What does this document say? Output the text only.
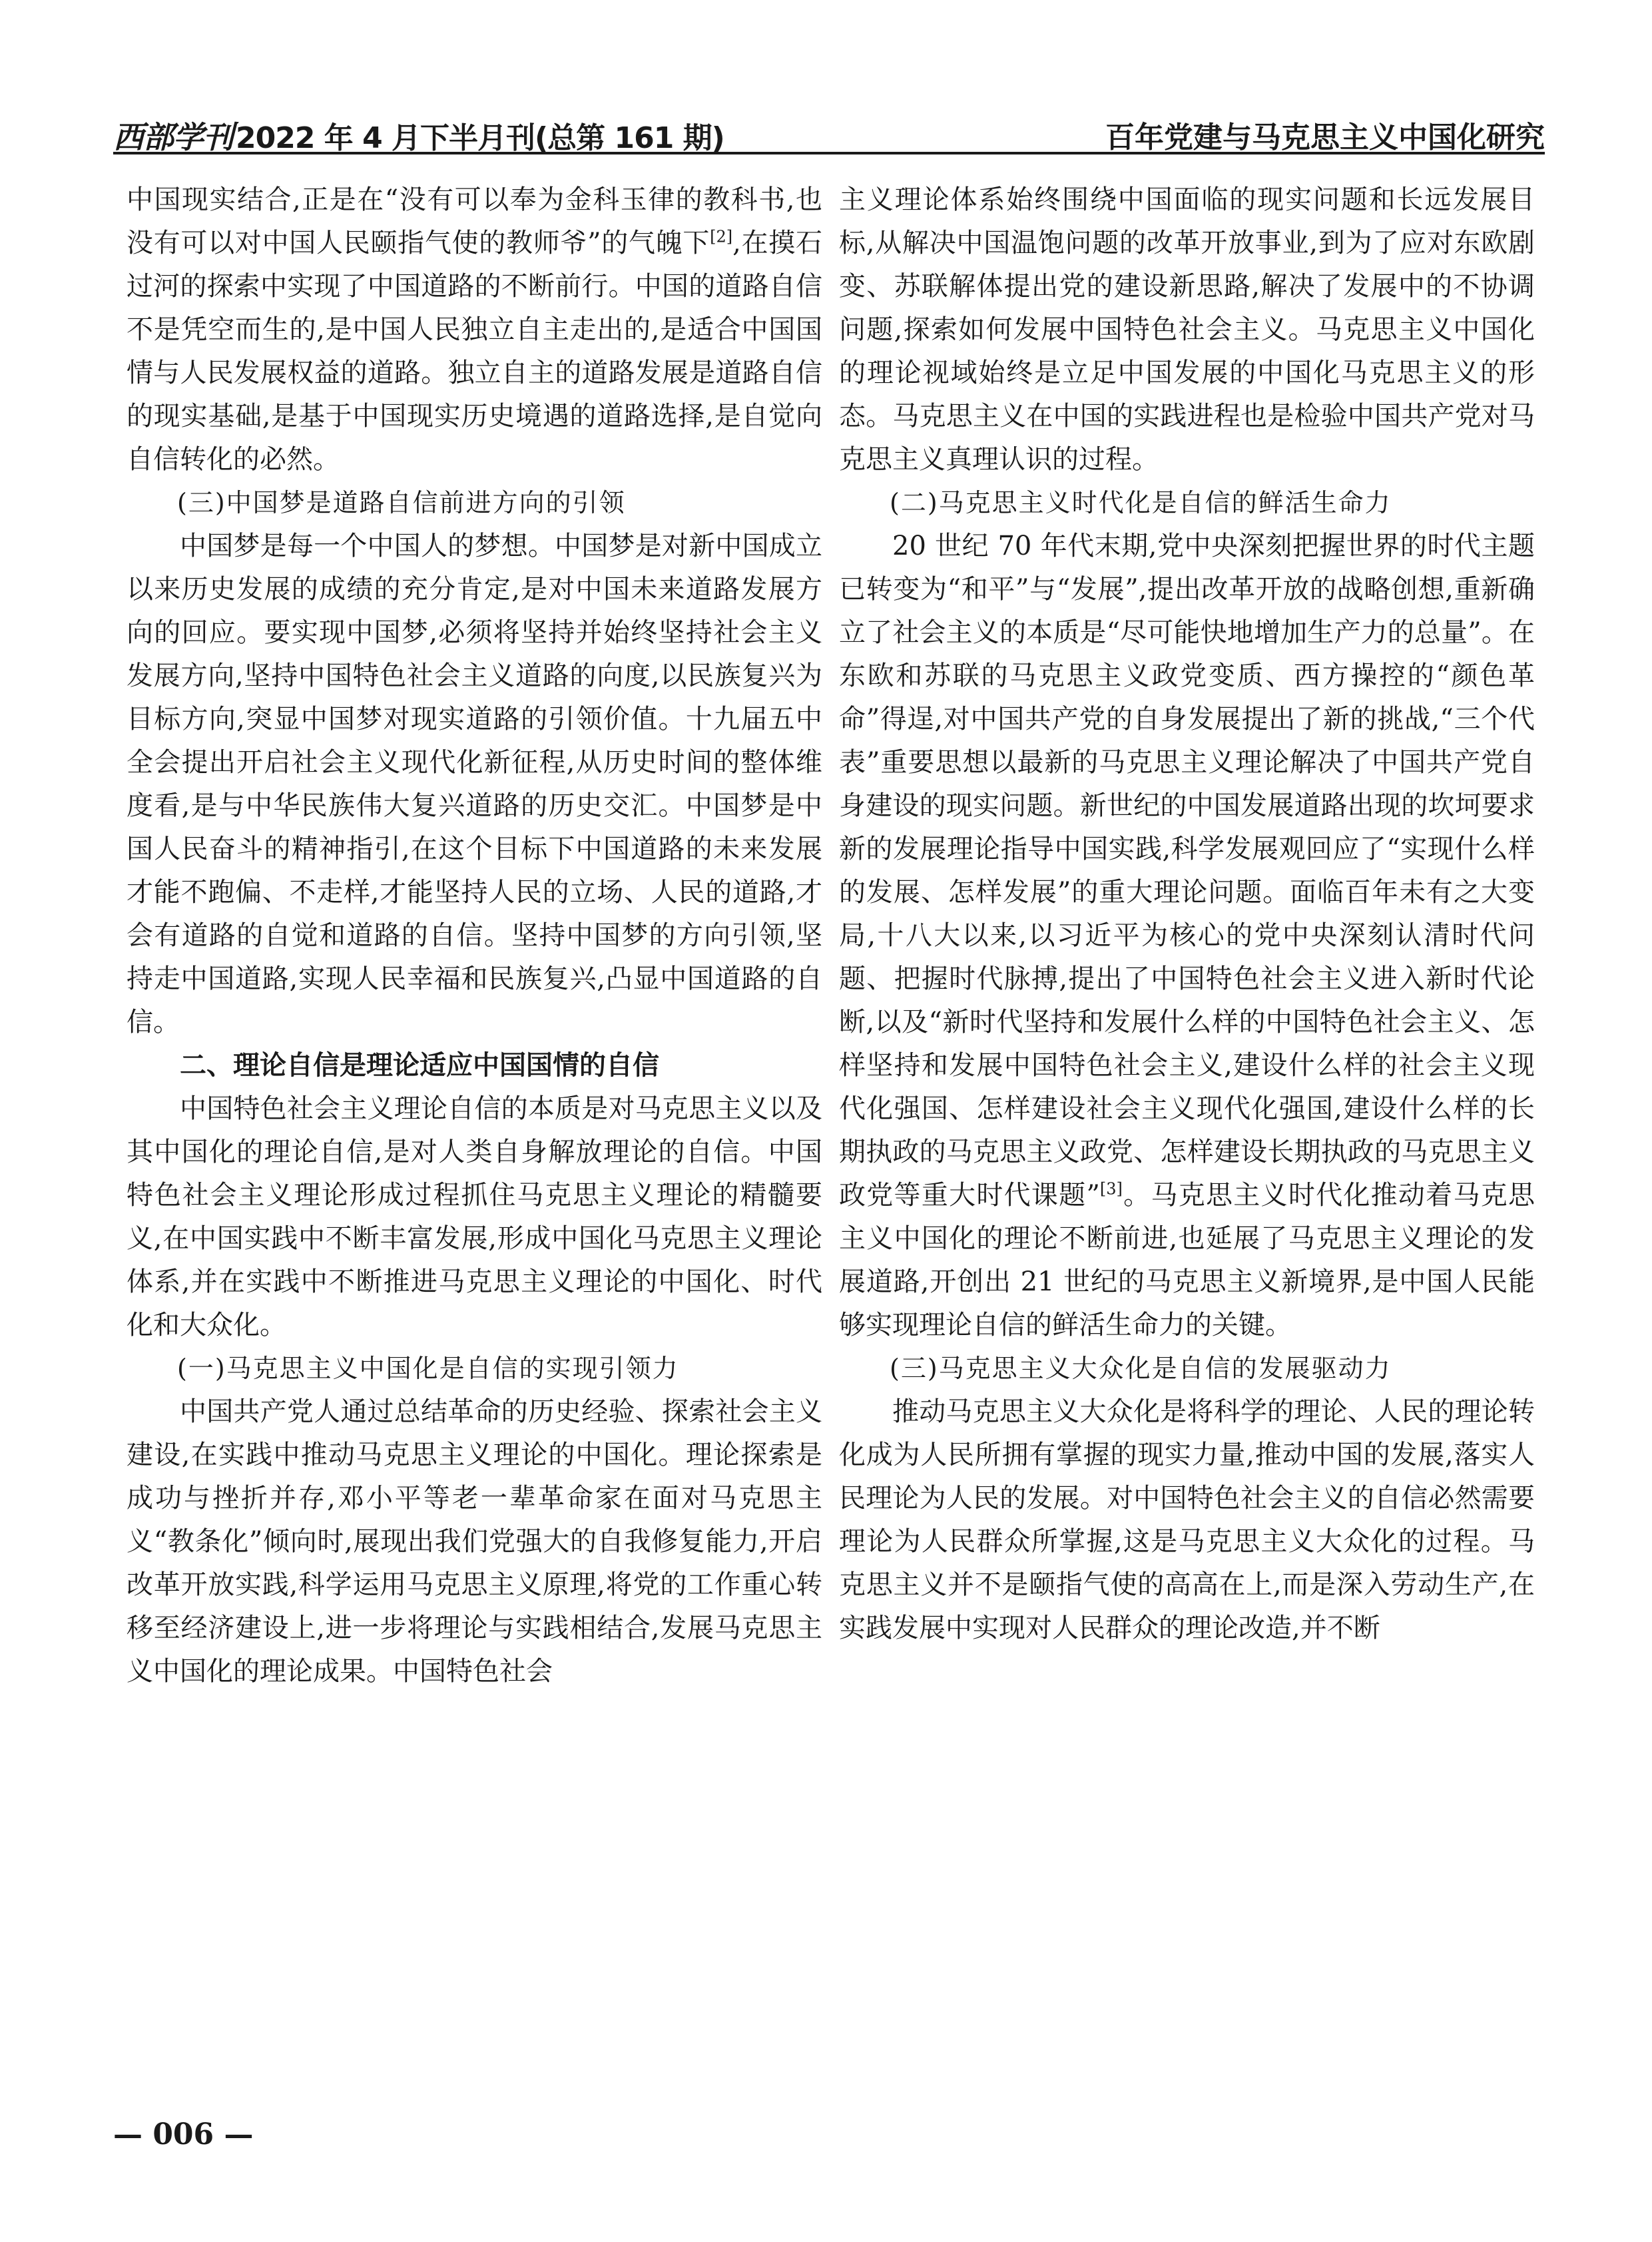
西部学刊2022 年 4 月下半月刊(总第 161 期)	百年党建与马克思主义中国化研究

中国现实结合,正是在“没有可以奉为金科玉律的教科书,也没有可以对中国人民颐指气使的教师爷”的气魄下[2],在摸石过河的探索中实现了中国道路的不断前行。中国的道路自信不是凭空而生的,是中国人民独立自主走出的,是适合中国国情与人民发展权益的道路。独立自主的道路发展是道路自信的现实基础,是基于中国现实历史境遇的道路选择,是自觉向自信转化的必然。

(三)中国梦是道路自信前进方向的引领

中国梦是每一个中国人的梦想。中国梦是对新中国成立以来历史发展的成绩的充分肯定,是对中国未来道路发展方向的回应。要实现中国梦,必须将坚持并始终坚持社会主义发展方向,坚持中国特色社会主义道路的向度,以民族复兴为目标方向,突显中国梦对现实道路的引领价值。十九届五中全会提出开启社会主义现代化新征程,从历史时间的整体维度看,是与中华民族伟大复兴道路的历史交汇。中国梦是中国人民奋斗的精神指引,在这个目标下中国道路的未来发展才能不跑偏、不走样,才能坚持人民的立场、人民的道路,才会有道路的自觉和道路的自信。坚持中国梦的方向引领,坚持走中国道路,实现人民幸福和民族复兴,凸显中国道路的自信。

二、理论自信是理论适应中国国情的自信

中国特色社会主义理论自信的本质是对马克思主义以及其中国化的理论自信,是对人类自身解放理论的自信。中国特色社会主义理论形成过程抓住马克思主义理论的精髓要义,在中国实践中不断丰富发展,形成中国化马克思主义理论体系,并在实践中不断推进马克思主义理论的中国化、时代化和大众化。

(一)马克思主义中国化是自信的实现引领力

中国共产党人通过总结革命的历史经验、探索社会主义建设,在实践中推动马克思主义理论的中国化。理论探索是成功与挫折并存,邓小平等老一辈革命家在面对马克思主义“教条化”倾向时,展现出我们党强大的自我修复能力,开启改革开放实践,科学运用马克思主义原理,将党的工作重心转移至经济建设上,进一步将理论与实践相结合,发展马克思主义中国化的理论成果。中国特色社会

主义理论体系始终围绕中国面临的现实问题和长远发展目标,从解决中国温饱问题的改革开放事业,到为了应对东欧剧变、苏联解体提出党的建设新思路,解决了发展中的不协调问题,探索如何发展中国特色社会主义。马克思主义中国化的理论视域始终是立足中国发展的中国化马克思主义的形态。马克思主义在中国的实践进程也是检验中国共产党对马克思主义真理认识的过程。

(二)马克思主义时代化是自信的鲜活生命力

20 世纪 70 年代末期,党中央深刻把握世界的时代主题已转变为“和平”与“发展”,提出改革开放的战略创想,重新确立了社会主义的本质是“尽可能快地增加生产力的总量”。在东欧和苏联的马克思主义政党变质、西方操控的“颜色革命”得逞,对中国共产党的自身发展提出了新的挑战,“三个代表”重要思想以最新的马克思主义理论解决了中国共产党自身建设的现实问题。新世纪的中国发展道路出现的坎坷要求新的发展理论指导中国实践,科学发展观回应了“实现什么样的发展、怎样发展”的重大理论问题。面临百年未有之大变局,十八大以来,以习近平为核心的党中央深刻认清时代问题、把握时代脉搏,提出了中国特色社会主义进入新时代论断,以及“新时代坚持和发展什么样的中国特色社会主义、怎样坚持和发展中国特色社会主义,建设什么样的社会主义现代化强国、怎样建设社会主义现代化强国,建设什么样的长期执政的马克思主义政党、怎样建设长期执政的马克思主义政党等重大时代课题”[3]。马克思主义时代化推动着马克思主义中国化的理论不断前进,也延展了马克思主义理论的发展道路,开创出 21 世纪的马克思主义新境界,是中国人民能够实现理论自信的鲜活生命力的关键。

(三)马克思主义大众化是自信的发展驱动力

推动马克思主义大众化是将科学的理论、人民的理论转化成为人民所拥有掌握的现实力量,推动中国的发展,落实人民理论为人民的发展。对中国特色社会主义的自信必然需要理论为人民群众所掌握,这是马克思主义大众化的过程。马克思主义并不是颐指气使的高高在上,而是深入劳动生产,在实践发展中实现对人民群众的理论改造,并不断

— 006 —
